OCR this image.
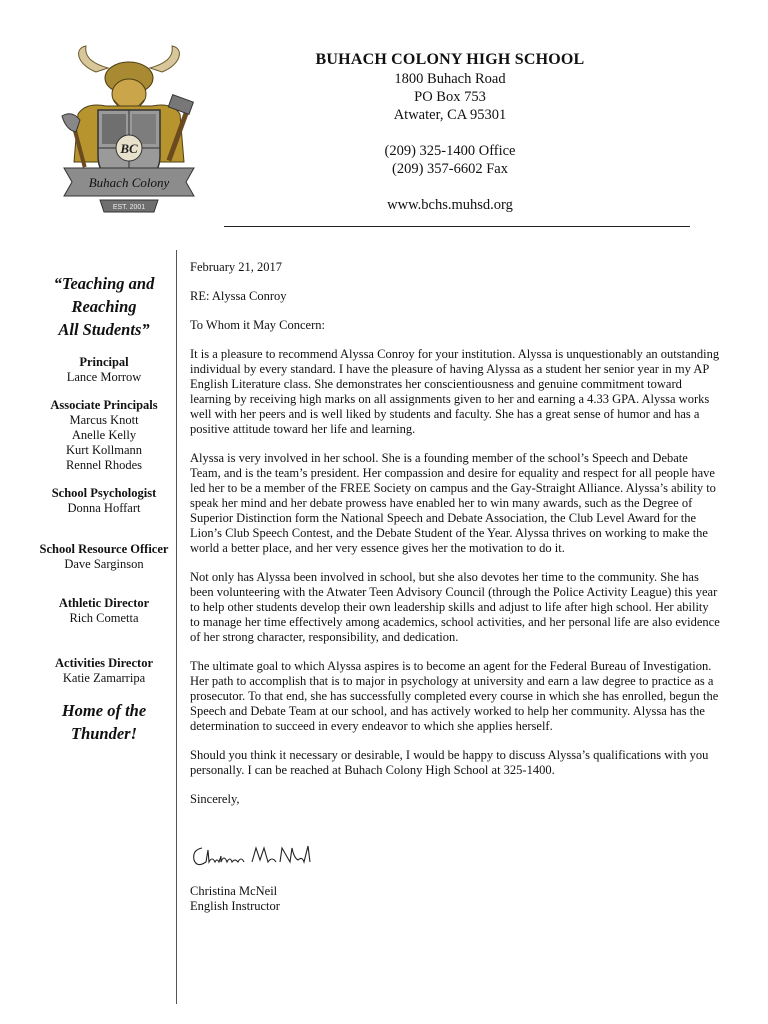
BC
Buhach Colony
EST. 2001
BUHACH COLONY HIGH SCHOOL
1800 Buhach Road
PO Box 753
Atwater, CA 95301
(209) 325-1400 Office
(209) 357-6602 Fax
www.bchs.muhsd.org
“Teaching and
Reaching
All Students”
Principal
Lance Morrow
Associate Principals
Marcus Knott
Anelle Kelly
Kurt Kollmann
Rennel Rhodes
School Psychologist
Donna Hoffart
School Resource Officer
Dave Sarginson
Athletic Director
Rich Cometta
Activities Director
Katie Zamarripa
Home of the
Thunder!

February 21, 2017

RE: Alyssa Conroy

To Whom it May Concern:

It is a pleasure to recommend Alyssa Conroy for your institution. Alyssa is unquestionably an outstanding individual by every standard. I have the pleasure of having Alyssa as a student her senior year in my AP English Literature class. She demonstrates her conscientiousness and genuine commitment toward learning by receiving high marks on all assignments given to her and earning a 4.33 GPA. Alyssa works well with her peers and is well liked by students and faculty. She has a great sense of humor and has a positive attitude toward her life and learning.

Alyssa is very involved in her school. She is a founding member of the school’s Speech and Debate Team, and is the team’s president. Her compassion and desire for equality and respect for all people have led her to be a member of the FREE Society on campus and the Gay-Straight Alliance. Alyssa’s ability to speak her mind and her debate prowess have enabled her to win many awards, such as the Degree of Superior Distinction form the National Speech and Debate Association, the Club Level Award for the Lion’s Club Speech Contest, and the Debate Student of the Year. Alyssa thrives on working to make the world a better place, and her very essence gives her the motivation to do it.

Not only has Alyssa been involved in school, but she also devotes her time to the community. She has been volunteering with the Atwater Teen Advisory Council (through the Police Activity League) this year to help other students develop their own leadership skills and adjust to life after high school. Her ability to manage her time effectively among academics, school activities, and her personal life are also evidence of her strong character, responsibility, and dedication.

The ultimate goal to which Alyssa aspires is to become an agent for the Federal Bureau of Investigation. Her path to accomplish that is to major in psychology at university and earn a law degree to practice as a prosecutor. To that end, she has successfully completed every course in which she has enrolled, begun the Speech and Debate Team at our school, and has actively worked to help her community. Alyssa has the determination to succeed in every endeavor to which she applies herself.

Should you think it necessary or desirable, I would be happy to discuss Alyssa’s qualifications with you personally. I can be reached at Buhach Colony High School at 325-1400.

Sincerely,

Christina McNeil
English Instructor
